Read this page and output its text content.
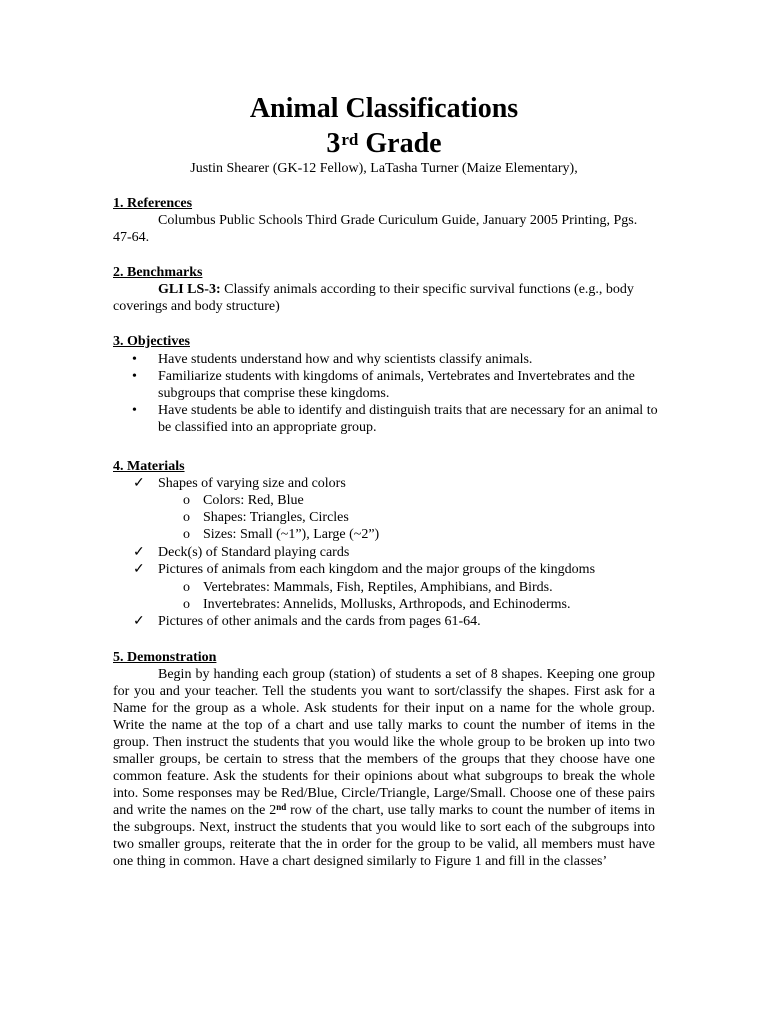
Animal Classifications
3rd Grade
Justin Shearer (GK-12 Fellow), LaTasha Turner (Maize Elementary),
1. References
Columbus Public Schools Third Grade Curiculum Guide, January 2005 Printing, Pgs. 47-64.
2. Benchmarks
GLI LS-3: Classify animals according to their specific survival functions (e.g., body coverings and body structure)
3. Objectives
• Have students understand how and why scientists classify animals.
• Familiarize students with kingdoms of animals, Vertebrates and Invertebrates and the subgroups that comprise these kingdoms.
• Have students be able to identify and distinguish traits that are necessary for an animal to be classified into an appropriate group.
4. Materials
✓ Shapes of varying size and colors
o Colors: Red, Blue
o Shapes: Triangles, Circles
o Sizes: Small (~1”), Large (~2”)
✓ Deck(s) of Standard playing cards
✓ Pictures of animals from each kingdom and the major groups of the kingdoms
o Vertebrates: Mammals, Fish, Reptiles, Amphibians, and Birds.
o Invertebrates: Annelids, Mollusks, Arthropods, and Echinoderms.
✓ Pictures of other animals and the cards from pages 61-64.
5. Demonstration
Begin by handing each group (station) of students a set of 8 shapes. Keeping one group for you and your teacher. Tell the students you want to sort/classify the shapes. First ask for a Name for the group as a whole. Ask students for their input on a name for the whole group. Write the name at the top of a chart and use tally marks to count the number of items in the group. Then instruct the students that you would like the whole group to be broken up into two smaller groups, be certain to stress that the members of the groups that they choose have one common feature. Ask the students for their opinions about what subgroups to break the whole into. Some responses may be Red/Blue, Circle/Triangle, Large/Small. Choose one of these pairs and write the names on the 2nd row of the chart, use tally marks to count the number of items in the subgroups. Next, instruct the students that you would like to sort each of the subgroups into two smaller groups, reiterate that the in order for the group to be valid, all members must have one thing in common. Have a chart designed similarly to Figure 1 and fill in the classes’
